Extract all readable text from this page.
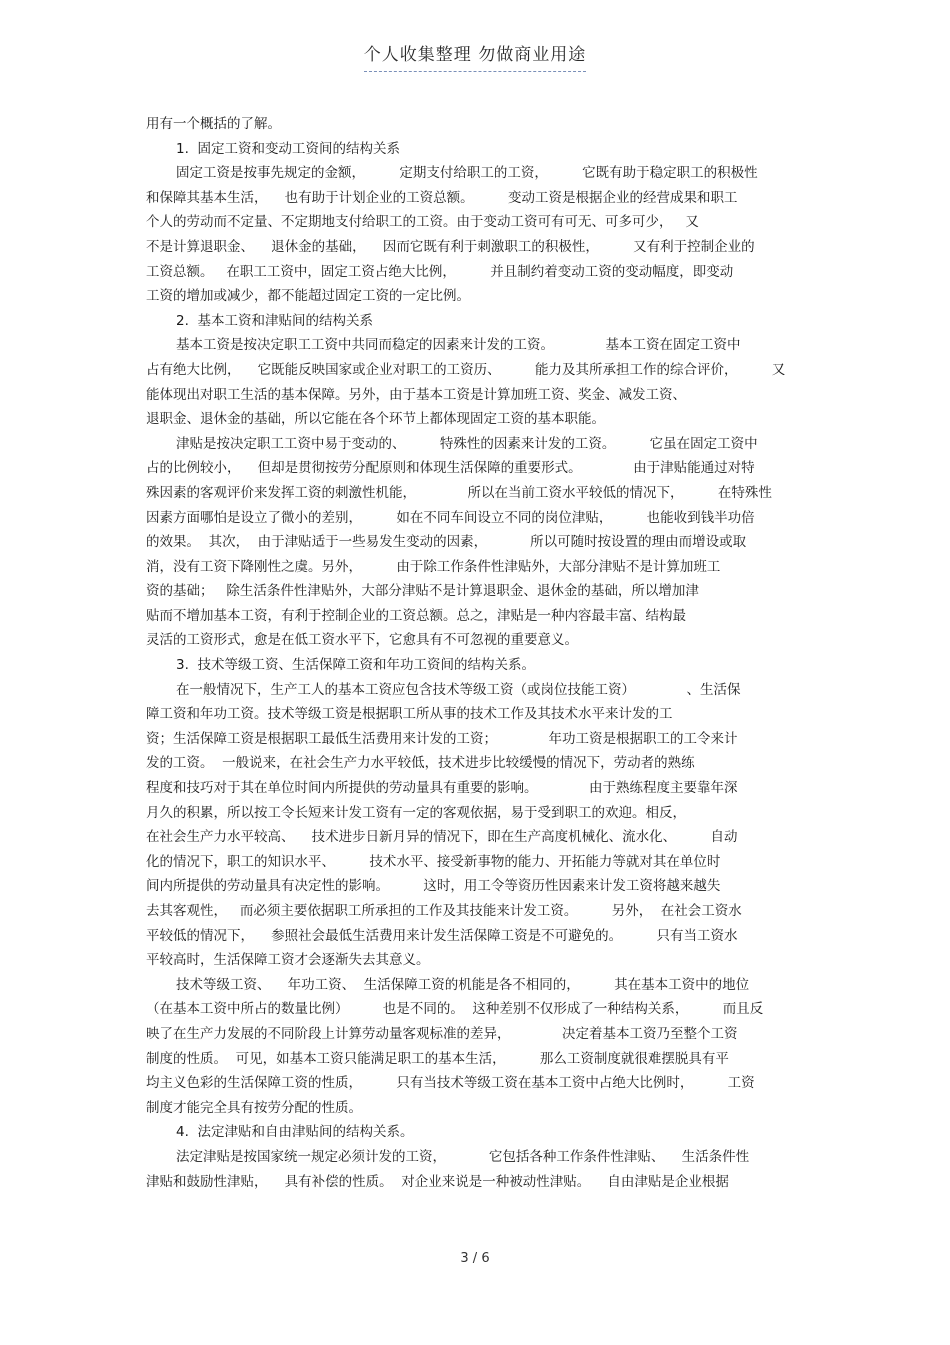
个人收集整理 勿做商业用途
用有一个概括的了解。
1.  固定工资和变动工资间的结构关系
固定工资是按事先规定的金额，        定期支付给职工的工资，        它既有助于稳定职工的积极性
和保障其基本生活，    也有助于计划企业的工资总额。        变动工资是根据企业的经营成果和职工
个人的劳动而不定量、不定期地支付给职工的工资。由于变动工资可有可无、可多可少，   又
不是计算退职金、    退休金的基础，    因而它既有利于刺激职工的积极性，        又有利于控制企业的
工资总额。   在职工工资中，固定工资占绝大比例，        并且制约着变动工资的变动幅度，即变动
工资的增加或减少，都不能超过固定工资的一定比例。
2.  基本工资和津贴间的结构关系
基本工资是按决定职工工资中共同而稳定的因素来计发的工资。            基本工资在固定工资中
占有绝大比例，    它既能反映国家或企业对职工的工资历、        能力及其所承担工作的综合评价，        又
能体现出对职工生活的基本保障。另外，由于基本工资是计算加班工资、奖金、减发工资、
退职金、退休金的基础，所以它能在各个环节上都体现固定工资的基本职能。
津贴是按决定职工工资中易于变动的、        特殊性的因素来计发的工资。        它虽在固定工资中
占的比例较小，    但却是贯彻按劳分配原则和体现生活保障的重要形式。            由于津贴能通过对特
殊因素的客观评价来发挥工资的刺激性机能，            所以在当前工资水平较低的情况下，        在特殊性
因素方面哪怕是设立了微小的差别，        如在不同车间设立不同的岗位津贴，        也能收到钱半功倍
的效果。  其次，  由于津贴适于一些易发生变动的因素，          所以可随时按设置的理由而增设或取
消，没有工资下降刚性之虞。另外，        由于除工作条件性津贴外，大部分津贴不是计算加班工
资的基础；   除生活条件性津贴外，大部分津贴不是计算退职金、退休金的基础，所以增加津
贴而不增加基本工资，有利于控制企业的工资总额。总之，津贴是一种内容最丰富、结构最
灵活的工资形式，愈是在低工资水平下，它愈具有不可忽视的重要意义。
3.  技术等级工资、生活保障工资和年功工资间的结构关系。
在一般情况下，生产工人的基本工资应包含技术等级工资（或岗位技能工资）            、生活保
障工资和年功工资。技术等级工资是根据职工所从事的技术工作及其技术水平来计发的工
资；生活保障工资是根据职工最低生活费用来计发的工资；            年功工资是根据职工的工令来计
发的工资。  一般说来，在社会生产力水平较低，技术进步比较缓慢的情况下，劳动者的熟练
程度和技巧对于其在单位时间内所提供的劳动量具有重要的影响。            由于熟练程度主要靠年深
月久的积累，所以按工令长短来计发工资有一定的客观依据，易于受到职工的欢迎。相反，
在社会生产力水平较高、    技术进步日新月异的情况下，即在生产高度机械化、流水化、        自动
化的情况下，职工的知识水平、        技术水平、接受新事物的能力、开拓能力等就对其在单位时
间内所提供的劳动量具有决定性的影响。        这时，用工令等资历性因素来计发工资将越来越失
去其客观性，   而必须主要依据职工所承担的工作及其技能来计发工资。        另外，  在社会工资水
平较低的情况下，    参照社会最低生活费用来计发生活保障工资是不可避免的。        只有当工资水
平较高时，生活保障工资才会逐渐失去其意义。
技术等级工资、    年功工资、  生活保障工资的机能是各不相同的，        其在基本工资中的地位
（在基本工资中所占的数量比例）        也是不同的。  这种差别不仅形成了一种结构关系，        而且反
映了在生产力发展的不同阶段上计算劳动量客观标准的差异，            决定着基本工资乃至整个工资
制度的性质。  可见，如基本工资只能满足职工的基本生活，        那么工资制度就很难摆脱具有平
均主义色彩的生活保障工资的性质，        只有当技术等级工资在基本工资中占绝大比例时，        工资
制度才能完全具有按劳分配的性质。
4.  法定津贴和自由津贴间的结构关系。
法定津贴是按国家统一规定必须计发的工资，          它包括各种工作条件性津贴、    生活条件性
津贴和鼓励性津贴，    具有补偿的性质。  对企业来说是一种被动性津贴。    自由津贴是企业根据
3 / 6
